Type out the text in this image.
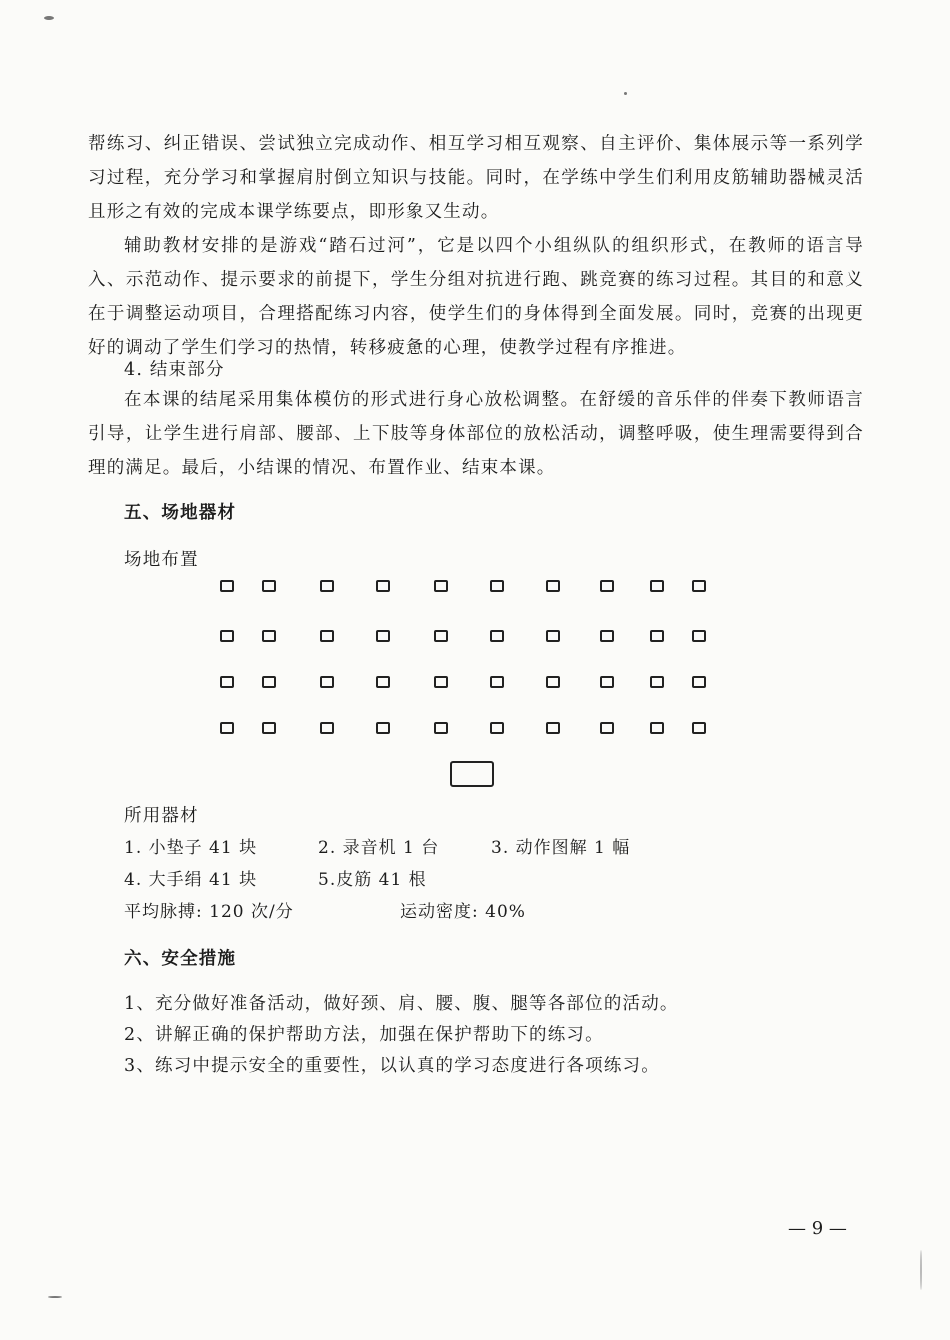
帮练习、纠正错误、尝试独立完成动作、相互学习相互观察、自主评价、集体展示等一系列学习过程，充分学习和掌握肩肘倒立知识与技能。同时，在学练中学生们利用皮筋辅助器械灵活且形之有效的完成本课学练要点，即形象又生动。

辅助教材安排的是游戏“踏石过河”，它是以四个小组纵队的组织形式，在教师的语言导入、示范动作、提示要求的前提下，学生分组对抗进行跑、跳竞赛的练习过程。其目的和意义在于调整运动项目，合理搭配练习内容，使学生们的身体得到全面发展。同时，竞赛的出现更好的调动了学生们学习的热情，转移疲惫的心理，使教学过程有序推进。

4. 结束部分

在本课的结尾采用集体模仿的形式进行身心放松调整。在舒缓的音乐伴的伴奏下教师语言引导，让学生进行肩部、腰部、上下肢等身体部位的放松活动，调整呼吸，使生理需要得到合理的满足。最后，小结课的情况、布置作业、结束本课。

五、场地器材

场地布置

所用器材

1. 小垫子 41 块	2. 录音机 1 台	3. 动作图解 1 幅
4. 大手绢 41 块	5.皮筋 41 根
平均脉搏: 120 次/分	运动密度: 40%

六、安全措施

1、充分做好准备活动，做好颈、肩、腰、腹、腿等各部位的活动。

2、讲解正确的保护帮助方法，加强在保护帮助下的练习。

3、练习中提示安全的重要性，以认真的学习态度进行各项练习。

— 9 —
